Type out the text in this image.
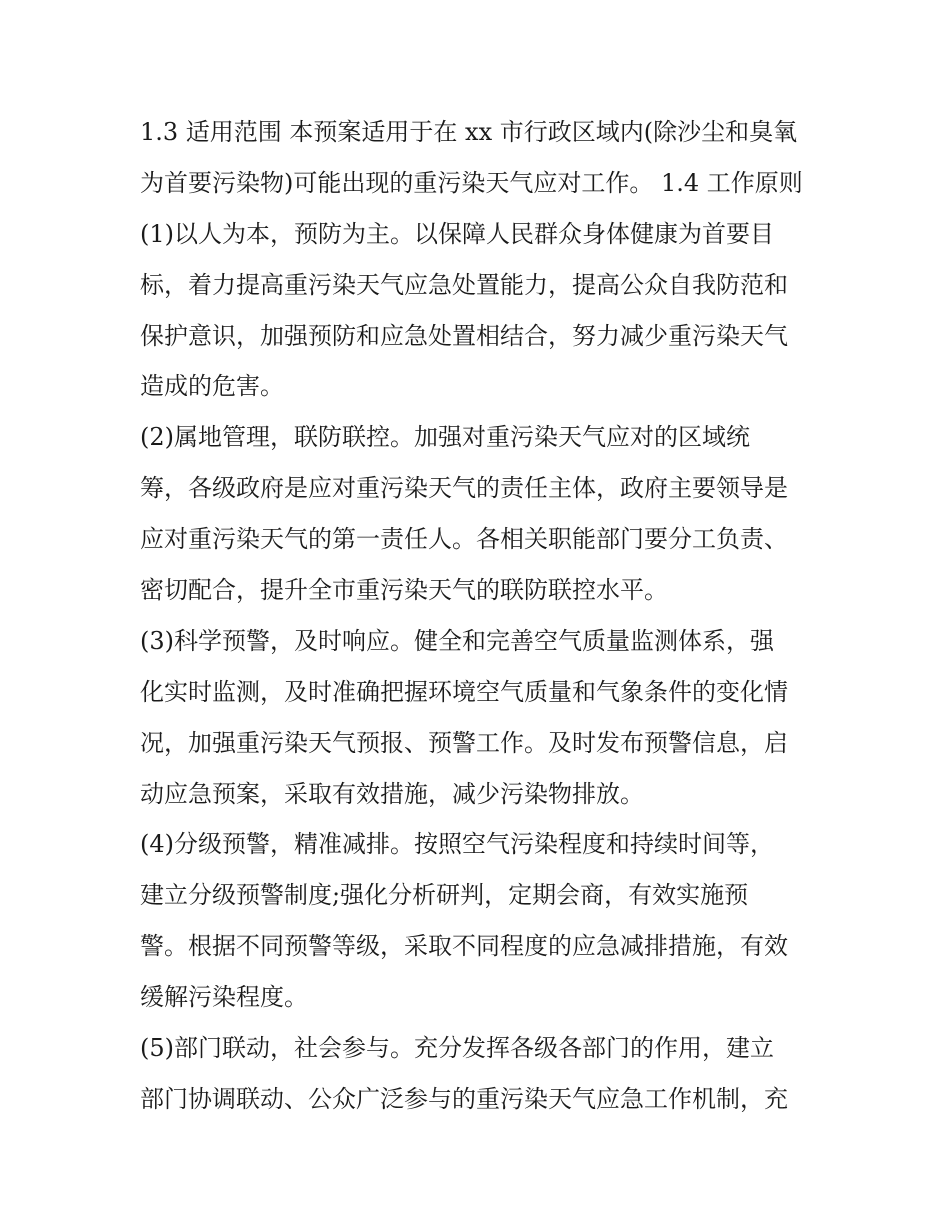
1.3 适用范围 本预案适用于在 xx 市行政区域内(除沙尘和臭氧
为首要污染物)可能出现的重污染天气应对工作。 1.4 工作原则
(1)以人为本，预防为主。以保障人民群众身体健康为首要目
标，着力提高重污染天气应急处置能力，提高公众自我防范和
保护意识，加强预防和应急处置相结合，努力减少重污染天气
造成的危害。
(2)属地管理，联防联控。加强对重污染天气应对的区域统
筹，各级政府是应对重污染天气的责任主体，政府主要领导是
应对重污染天气的第一责任人。各相关职能部门要分工负责、
密切配合，提升全市重污染天气的联防联控水平。
(3)科学预警，及时响应。健全和完善空气质量监测体系，强
化实时监测，及时准确把握环境空气质量和气象条件的变化情
况，加强重污染天气预报、预警工作。及时发布预警信息，启
动应急预案，采取有效措施，减少污染物排放。
(4)分级预警，精准减排。按照空气污染程度和持续时间等，
建立分级预警制度;强化分析研判，定期会商，有效实施预
警。根据不同预警等级，采取不同程度的应急减排措施，有效
缓解污染程度。
(5)部门联动，社会参与。充分发挥各级各部门的作用，建立
部门协调联动、公众广泛参与的重污染天气应急工作机制，充
